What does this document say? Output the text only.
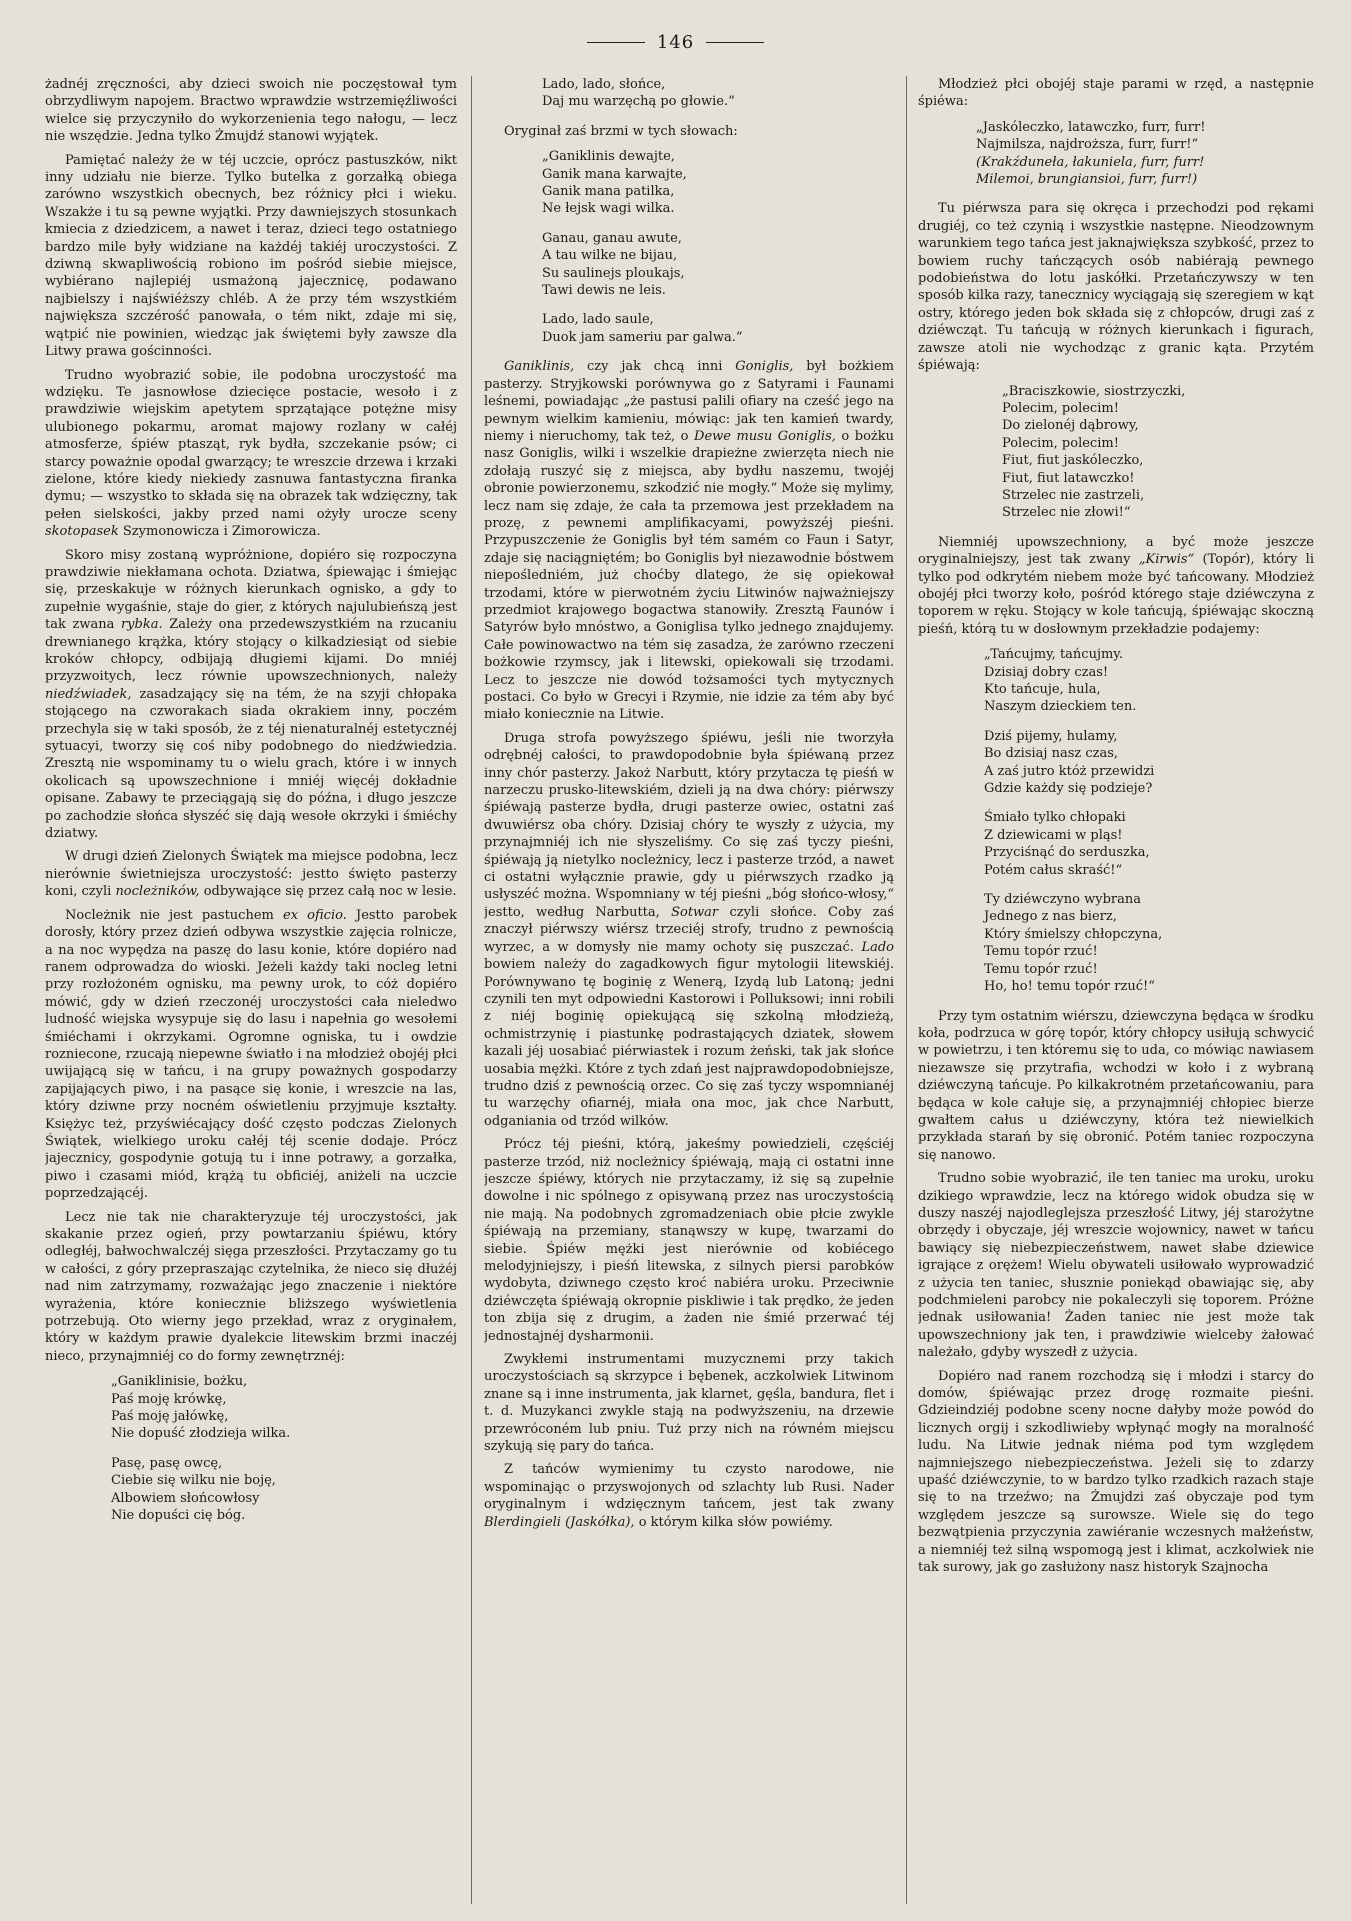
146

żadnéj zręczności, aby dzieci swoich nie poczęstował tym obrzydliwym napojem. Bractwo wprawdzie wstrzemięźliwości wielce się przyczyniło do wykorzenienia tego nałogu, — lecz nie wszędzie. Jedna tylko Żmujdź stanowi wyjątek.

Pamiętać należy że w téj uczcie, oprócz pastuszków, nikt inny udziału nie bierze. Tylko butelka z gorzałką obiega zarówno wszystkich obecnych, bez różnicy płci i wieku. Wszakże i tu są pewne wyjątki. Przy dawniejszych stosunkach kmiecia z dziedzicem, a nawet i teraz, dzieci tego ostatniego bardzo mile były widziane na każdéj takiéj uroczystości. Z dziwną skwapliwością robiono im pośród siebie miejsce, wybiérano najlepiéj usmażoną jajecznicę, podawano najbielszy i najświéższy chléb. A że przy tém wszystkiém największa szczérość panowała, o tém nikt, zdaje mi się, wątpić nie powinien, wiedząc jak świętemi były zawsze dla Litwy prawa gościnności.

Trudno wyobrazić sobie, ile podobna uroczystość ma wdzięku. Te jasnowłose dziecięce postacie, wesoło i z prawdziwie wiejskim apetytem sprzątające potężne misy ulubionego pokarmu, aromat majowy rozlany w całéj atmosferze, śpiéw ptasząt, ryk bydła, szczekanie psów; ci starcy poważnie opodal gwarzący; te wreszcie drzewa i krzaki zielone, które kiedy niekiedy zasnuwa fantastyczna firanka dymu; — wszystko to składa się na obrazek tak wdzięczny, tak pełen sielskości, jakby przed nami ożyły urocze sceny skotopasek Szymonowicza i Zimorowicza.

Skoro misy zostaną wypróżnione, dopiéro się rozpoczyna prawdziwie niekłamana ochota. Dziatwa, śpiewając i śmiejąc się, przeskakuje w różnych kierunkach ognisko, a gdy to zupełnie wygaśnie, staje do gier, z których najulubieńszą jest tak zwana rybka. Zależy ona przedewszystkiém na rzucaniu drewnianego krążka, który stojący o kilkadziesiąt od siebie kroków chłopcy, odbijają długiemi kijami. Do mniéj przyzwoitych, lecz równie upowszechnionych, należy niedźwiadek, zasadzający się na tém, że na szyji chłopaka stojącego na czworakach siada okrakiem inny, poczém przechyla się w taki sposób, że z téj nienaturalnéj estetycznéj sytuacyi, tworzy się coś niby podobnego do niedźwiedzia. Zresztą nie wspominamy tu o wielu grach, które i w innych okolicach są upowszechnione i mniéj więcéj dokładnie opisane. Zabawy te przeciągają się do późna, i długo jeszcze po zachodzie słońca słyszéć się dają wesołe okrzyki i śmiéchy dziatwy.

W drugi dzień Zielonych Świątek ma miejsce podobna, lecz nierównie świetniejsza uroczystość: jestto święto pasterzy koni, czyli nocleżników, odbywające się przez całą noc w lesie.

Nocleżnik nie jest pastuchem ex oficio. Jestto parobek dorosły, który przez dzień odbywa wszystkie zajęcia rolnicze, a na noc wypędza na paszę do lasu konie, które dopiéro nad ranem odprowadza do wioski. Jeżeli każdy taki nocleg letni przy rozłożoném ognisku, ma pewny urok, to cóż dopiéro mówić, gdy w dzień rzeczonéj uroczystości cała nieledwo ludność wiejska wysypuje się do lasu i napełnia go wesołemi śmiéchami i okrzykami. Ogromne ogniska, tu i owdzie rozniecone, rzucają niepewne światło i na młodzież obojéj płci uwijającą się w tańcu, i na grupy poważnych gospodarzy zapijających piwo, i na pasące się konie, i wreszcie na las, który dziwne przy nocném oświetleniu przyjmuje kształty. Księżyc też, przyświécający dość często podczas Zielonych Świątek, wielkiego uroku całéj téj scenie dodaje. Prócz jajecznicy, gospodynie gotują tu i inne potrawy, a gorzałka, piwo i czasami miód, krążą tu obficiéj, aniżeli na uczcie poprzedzającéj.

Lecz nie tak nie charakteryzuje téj uroczystości, jak skakanie przez ogień, przy powtarzaniu śpiéwu, który odległéj, bałwochwalczéj sięga przeszłości. Przytaczamy go tu w całości, z góry przepraszając czytelnika, że nieco się dłużéj nad nim zatrzymamy, rozważając jego znaczenie i niektóre wyrażenia, które koniecznie bliższego wyświetlenia potrzebują. Oto wierny jego przekład, wraz z oryginałem, który w każdym prawie dyalekcie litewskim brzmi inaczéj nieco, przynajmniéj co do formy zewnętrznéj:

„Ganiklinisie, bożku,
Paś moję krówkę,
Paś moję jałówkę,
Nie dopuść złodzieja wilka.
Pasę, pasę owcę,
Ciebie się wilku nie boję,
Albowiem słońcowłosy
Nie dopuści cię bóg.
Lado, lado, słońce,
Daj mu warzęchą po głowie.“

Oryginał zaś brzmi w tych słowach:

„Ganiklinis dewajte,
Ganik mana karwajte,
Ganik mana patilka,
Ne łejsk wagi wilka.
Ganau, ganau awute,
A tau wilke ne bijau,
Su saulinejs ploukajs,
Tawi dewis ne leis.
Lado, lado saule,
Duok jam sameriu par galwa.“

Ganiklinis, czy jak chcą inni Goniglis, był bożkiem pasterzy. Stryjkowski porównywa go z Satyrami i Faunami leśnemi, powiadając „że pastusi palili ofiary na cześć jego na pewnym wielkim kamieniu, mówiąc: jak ten kamień twardy, niemy i nieruchomy, tak też, o Dewe musu Goniglis, o bożku nasz Goniglis, wilki i wszelkie drapieżne zwierzęta niech nie zdołają ruszyć się z miejsca, aby bydłu naszemu, twojéj obronie powierzonemu, szkodzić nie mogły.“ Może się mylimy, lecz nam się zdaje, że cała ta przemowa jest przekładem na prozę, z pewnemi amplifikacyami, powyższéj pieśni. Przypuszczenie że Goniglis był tém samém co Faun i Satyr, zdaje się naciągniętém; bo Goniglis był niezawodnie bóstwem niepośledniém, już choćby dlatego, że się opiekował trzodami, które w pierwotném życiu Litwinów najważniejszy przedmiot krajowego bogactwa stanowiły. Zresztą Faunów i Satyrów było mnóstwo, a Goniglisa tylko jednego znajdujemy. Całe powinowactwo na tém się zasadza, że zarówno rzeczeni bożkowie rzymscy, jak i litewski, opiekowali się trzodami. Lecz to jeszcze nie dowód tożsamości tych mytycznych postaci. Co było w Grecyi i Rzymie, nie idzie za tém aby być miało koniecznie na Litwie.

Druga strofa powyższego śpiéwu, jeśli nie tworzyła odrębnéj całości, to prawdopodobnie była śpiéwaną przez inny chór pasterzy. Jakoż Narbutt, który przytacza tę pieśń w narzeczu prusko-litewskiém, dzieli ją na dwa chóry: piérwszy śpiéwają pasterze bydła, drugi pasterze owiec, ostatni zaś dwuwiérsz oba chóry. Dzisiaj chóry te wyszły z użycia, my przynajmniéj ich nie słyszeliśmy. Co się zaś tyczy pieśni, śpiéwają ją nietylko nocleżnicy, lecz i pasterze trzód, a nawet ci ostatni wyłącznie prawie, gdy u piérwszych rzadko ją usłyszéć można. Wspomniany w téj pieśni „bóg słońco-włosy,“ jestto, według Narbutta, Sotwar czyli słońce. Coby zaś znaczył piérwszy wiérsz trzeciéj strofy, trudno z pewnością wyrzec, a w domysły nie mamy ochoty się puszczać. Lado bowiem należy do zagadkowych figur mytologii litewskiéj. Porównywano tę boginię z Wenerą, Izydą lub Latoną; jedni czynili ten myt odpowiedni Kastorowi i Polluksowi; inni robili z niéj boginię opiekującą się szkolną młodzieżą, ochmistrzynię i piastunkę podrastających dziatek, słowem kazali jéj uosabiać piérwiastek i rozum żeński, tak jak słońce uosabia mężki. Które z tych zdań jest najprawdopodobniejsze, trudno dziś z pewnością orzec. Co się zaś tyczy wspomnianéj tu warzęchy ofiarnéj, miała ona moc, jak chce Narbutt, odganiania od trzód wilków.

Prócz téj pieśni, którą, jakeśmy powiedzieli, częściéj pasterze trzód, niż nocleżnicy śpiéwają, mają ci ostatni inne jeszcze śpiéwy, których nie przytaczamy, iż się są zupełnie dowolne i nic spólnego z opisywaną przez nas uroczystością nie mają. Na podobnych zgromadzeniach obie płcie zwykle śpiéwają na przemiany, stanąwszy w kupę, twarzami do siebie. Śpiéw mężki jest nierównie od kobiécego melodyjniejszy, i pieśń litewska, z silnych piersi parobków wydobyta, dziwnego często kroć nabiéra uroku. Przeciwnie dziéwczęta śpiéwają okropnie piskliwie i tak prędko, że jeden ton zbija się z drugim, a żaden nie śmié przerwać téj jednostajnéj dysharmonii.

Zwykłemi instrumentami muzycznemi przy takich uroczystościach są skrzypce i bębenek, aczkolwiek Litwinom znane są i inne instrumenta, jak klarnet, gęśla, bandura, flet i t. d. Muzykanci zwykle stają na podwyższeniu, na drzewie przewróconém lub pniu. Tuż przy nich na równém miejscu szykują się pary do tańca.

Z tańców wymienimy tu czysto narodowe, nie wspominając o przyswojonych od szlachty lub Rusi. Nader oryginalnym i wdzięcznym tańcem, jest tak zwany Blerdingieli (Jaskółka), o którym kilka słów powiémy.

Młodzież płci obojéj staje parami w rzęd, a następnie śpiéwa:

„Jaskóleczko, latawczko, furr, furr!
Najmilsza, najdroższa, furr, furr!“
(Krakźduneła, łakuniela, furr, furr!
Milemoi, brungiansioi, furr, furr!)

Tu piérwsza para się okręca i przechodzi pod rękami drugiéj, co też czynią i wszystkie następne. Nieodzownym warunkiem tego tańca jest jaknajwiększa szybkość, przez to bowiem ruchy tańczących osób nabiérają pewnego podobieństwa do lotu jaskółki. Przetańczywszy w ten sposób kilka razy, tanecznicy wyciągają się szeregiem w kąt ostry, którego jeden bok składa się z chłopców, drugi zaś z dziéwcząt. Tu tańcują w różnych kierunkach i figurach, zawsze atoli nie wychodząc z granic kąta. Przytém śpiéwają:

„Braciszkowie, siostrzyczki,
Polecim, polecim!
Do zielonéj dąbrowy,
Polecim, polecim!
Fiut, fiut jaskóleczko,
Fiut, fiut latawczko!
Strzelec nie zastrzeli,
Strzelec nie złowi!“

Niemniéj upowszechniony, a być może jeszcze oryginalniejszy, jest tak zwany „Kirwis“ (Topór), który li tylko pod odkrytém niebem może być tańcowany. Młodzież obojéj płci tworzy koło, pośród którego staje dziéwczyna z toporem w ręku. Stojący w kole tańcują, śpiéwając skoczną pieśń, którą tu w dosłownym przekładzie podajemy:

„Tańcujmy, tańcujmy.
Dzisiaj dobry czas!
Kto tańcuje, hula,
Naszym dzieckiem ten.
Dziś pijemy, hulamy,
Bo dzisiaj nasz czas,
A zaś jutro któż przewidzi
Gdzie każdy się podzieje?
Śmiało tylko chłopaki
Z dziewicami w pląs!
Przyciśnąć do serduszka,
Potém całus skraść!“
Ty dziéwczyno wybrana
Jednego z nas bierz,
Który śmielszy chłopczyna,
Temu topór rzuć!
Temu topór rzuć!
Ho, ho! temu topór rzuć!“

Przy tym ostatnim wiérszu, dziewczyna będąca w środku koła, podrzuca w górę topór, który chłopcy usiłują schwycić w powietrzu, i ten któremu się to uda, co mówiąc nawiasem niezawsze się przytrafia, wchodzi w koło i z wybraną dziéwczyną tańcuje. Po kilkakrotném przetańcowaniu, para będąca w kole całuje się, a przynajmniéj chłopiec bierze gwałtem całus u dziéwczyny, która też niewielkich przykłada starań by się obronić. Potém taniec rozpoczyna się nanowo.

Trudno sobie wyobrazić, ile ten taniec ma uroku, uroku dzikiego wprawdzie, lecz na którego widok obudza się w duszy naszéj najodleglejsza przeszłość Litwy, jéj starożytne obrzędy i obyczaje, jéj wreszcie wojownicy, nawet w tańcu bawiący się niebezpieczeństwem, nawet słabe dziewice igrające z orężem! Wielu obywateli usiłowało wyprowadzić z użycia ten taniec, słusznie poniekąd obawiając się, aby podchmieleni parobcy nie pokaleczyli się toporem. Próżne jednak usiłowania! Żaden taniec nie jest może tak upowszechniony jak ten, i prawdziwie wielceby żałować należało, gdyby wyszedł z użycia.

Dopiéro nad ranem rozchodzą się i młodzi i starcy do domów, śpiéwając przez drogę rozmaite pieśni. Gdzieindziéj podobne sceny nocne dałyby może powód do licznych orgij i szkodliwieby wpłynąć mogły na moralność ludu. Na Litwie jednak niéma pod tym względem najmniejszego niebezpieczeństwa. Jeżeli się to zdarzy upaść dziéwczynie, to w bardzo tylko rzadkich razach staje się to na trzeźwo; na Żmujdzi zaś obyczaje pod tym względem jeszcze są surowsze. Wiele się do tego bezwątpienia przyczynia zawiéranie wczesnych małżeństw, a niemniéj też silną wspomogą jest i klimat, aczkolwiek nie tak surowy, jak go zasłużony nasz historyk Szajnocha
